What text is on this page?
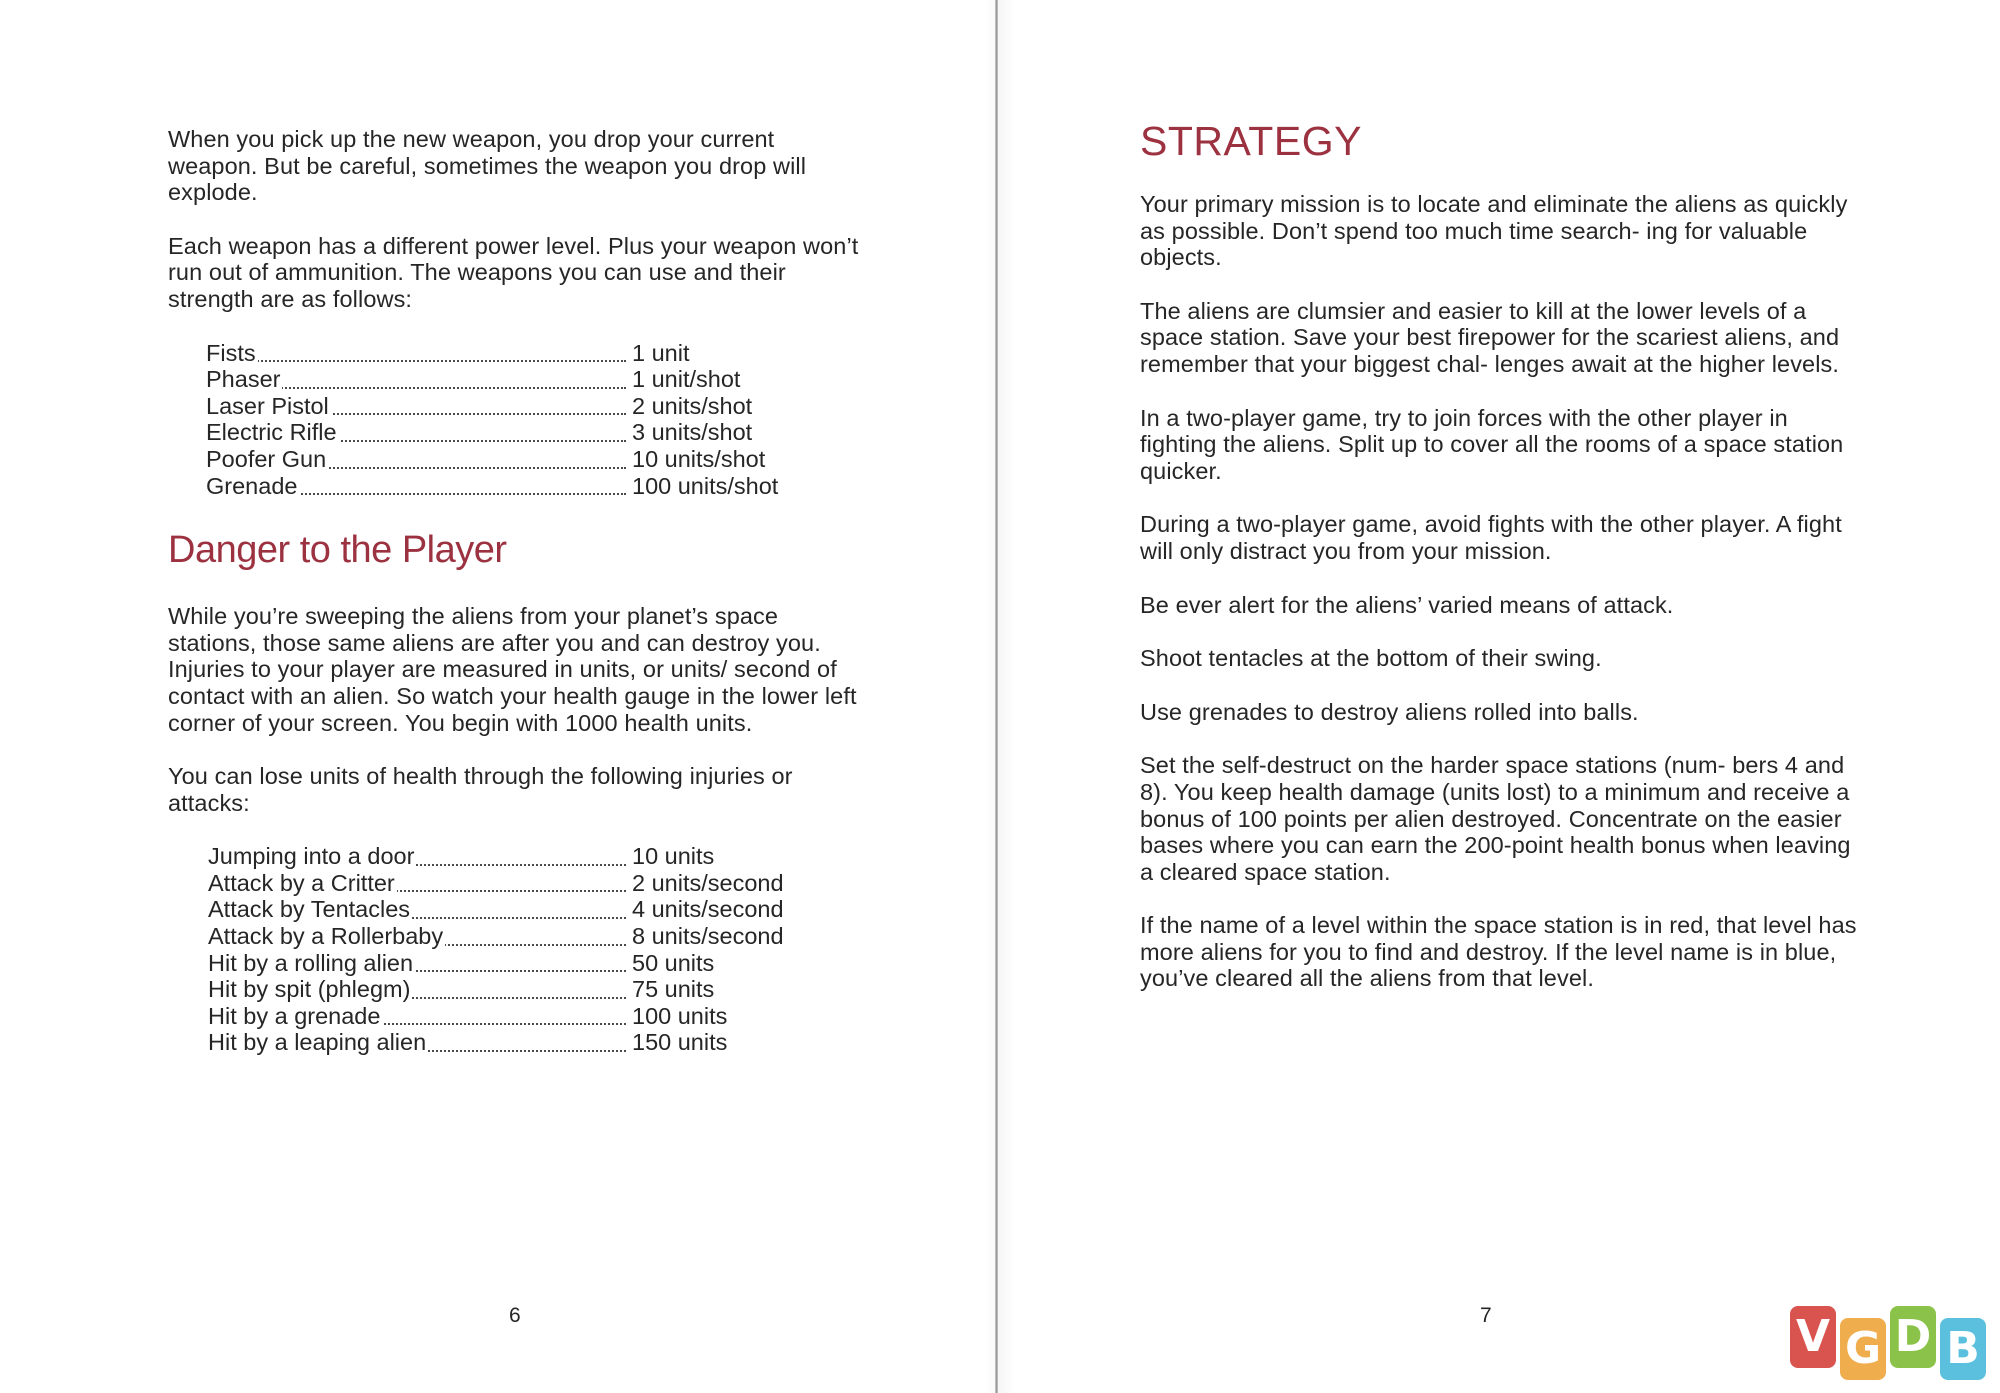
When you pick up the new weapon, you drop your current weapon. But be careful, sometimes the weapon you drop will explode.

Each weapon has a different power level. Plus your weapon won’t run out of ammunition. The weapons you can use and their strength are as follows:

Fists	1 unit

Phaser	1 unit/shot

Laser Pistol	2 units/shot

Electric Rifle	3 units/shot

Poofer Gun	10 units/shot

Grenade	100 units/shot
Danger to the Player

While you’re sweeping the aliens from your planet’s space stations, those same aliens are after you and can destroy you. Injuries to your player are measured in units, or units/ second of contact with an alien. So watch your health gauge in the lower left corner of your screen. You begin with 1000 health units.

You can lose units of health through the following injuries or attacks:

Jumping into a door	10 units

Attack by a Critter	2 units/second

Attack by Tentacles	4 units/second

Attack by a Rollerbaby	8 units/second

Hit by a rolling alien	50 units

Hit by spit (phlegm)	75 units

Hit by a grenade	100 units

Hit by a leaping alien	150 units
6
STRATEGY

Your primary mission is to locate and eliminate the aliens as quickly as possible. Don’t spend too much time search- ing for valuable objects.

The aliens are clumsier and easier to kill at the lower levels of a space station. Save your best firepower for the scariest aliens, and remember that your biggest chal- lenges await at the higher levels.

In a two-player game, try to join forces with the other player in fighting the aliens. Split up to cover all the rooms of a space station quicker.

During a two-player game, avoid fights with the other player. A fight will only distract you from your mission.

Be ever alert for the aliens’ varied means of attack.

Shoot tentacles at the bottom of their swing.

Use grenades to destroy aliens rolled into balls.

Set the self-destruct on the harder space stations (num- bers 4 and 8). You keep health damage (units lost) to a minimum and receive a bonus of 100 points per alien destroyed. Concentrate on the easier bases where you can earn the 200-point health bonus when leaving a cleared space station.

If the name of a level within the space station is in red, that level has more aliens for you to find and destroy. If the level name is in blue, you’ve cleared all the aliens from that level.

7	V G D B
